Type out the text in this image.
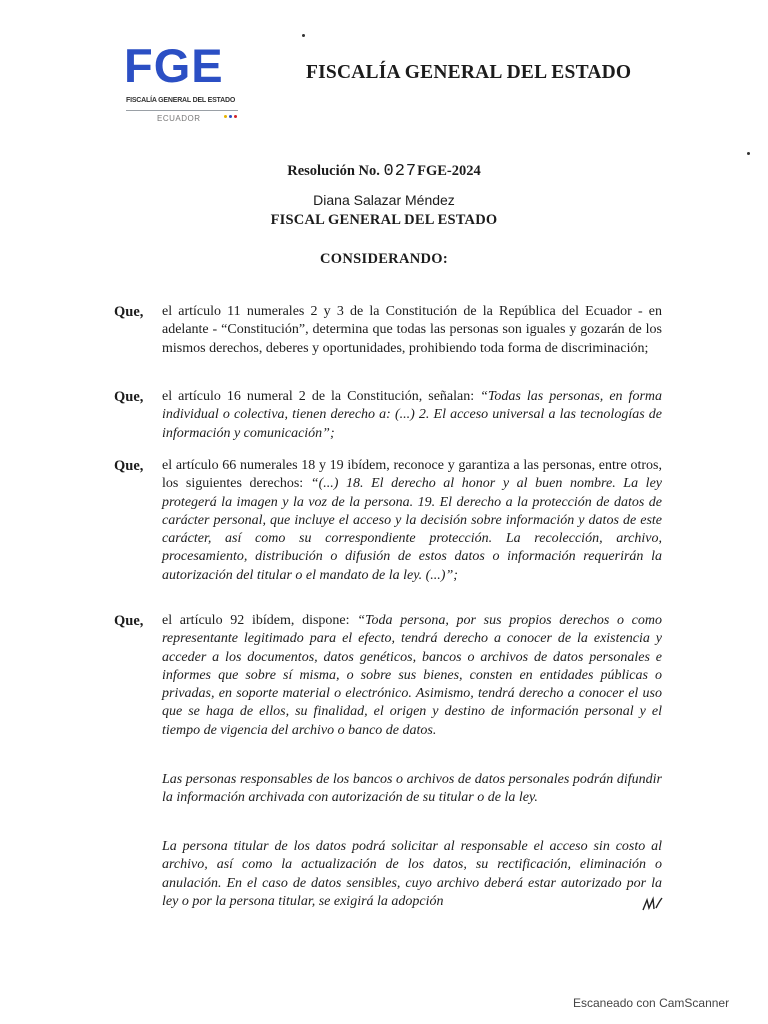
FGE
FISCALÍA GENERAL DEL ESTADO
ECUADOR
FISCALÍA GENERAL DEL ESTADO
Resolución No. 027FGE-2024
Diana Salazar Méndez
FISCAL GENERAL DEL ESTADO
CONSIDERANDO:
Que,	el artículo 11 numerales 2 y 3 de la Constitución de la República del Ecuador - en adelante - “Constitución”, determina que todas las personas son iguales y gozarán de los mismos derechos, deberes y oportunidades, prohibiendo toda forma de discriminación;
Que,	el artículo 16 numeral 2 de la Constitución, señalan: “Todas las personas, en forma individual o colectiva, tienen derecho a: (...) 2. El acceso universal a las tecnologías de información y comunicación”;
Que,	el artículo 66 numerales 18 y 19 ibídem, reconoce y garantiza a las personas, entre otros, los siguientes derechos: “(...) 18. El derecho al honor y al buen nombre. La ley protegerá la imagen y la voz de la persona. 19. El derecho a la protección de datos de carácter personal, que incluye el acceso y la decisión sobre información y datos de este carácter, así como su correspondiente protección. La recolección, archivo, procesamiento, distribución o difusión de estos datos o información requerirán la autorización del titular o el mandato de la ley. (...)”;
Que,	el artículo 92 ibídem, dispone: “Toda persona, por sus propios derechos o como representante legitimado para el efecto, tendrá derecho a conocer de la existencia y acceder a los documentos, datos genéticos, bancos o archivos de datos personales e informes que sobre sí misma, o sobre sus bienes, consten en entidades públicas o privadas, en soporte material o electrónico. Asimismo, tendrá derecho a conocer el uso que se haga de ellos, su finalidad, el origen y destino de información personal y el tiempo de vigencia del archivo o banco de datos.
Las personas responsables de los bancos o archivos de datos personales podrán difundir la información archivada con autorización de su titular o de la ley.
La persona titular de los datos podrá solicitar al responsable el acceso sin costo al archivo, así como la actualización de los datos, su rectificación, eliminación o anulación. En el caso de datos sensibles, cuyo archivo deberá estar autorizado por la ley o por la persona titular, se exigirá la adopción
Escaneado con CamScanner
